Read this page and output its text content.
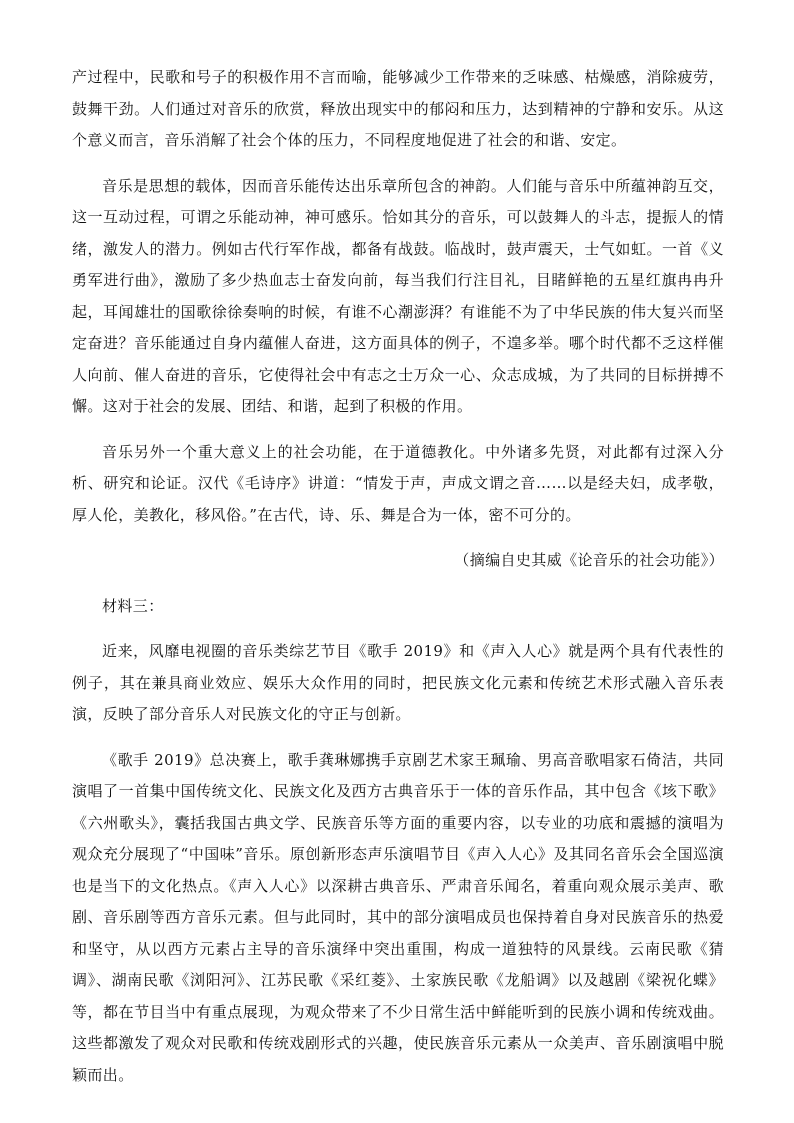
产过程中，民歌和号子的积极作用不言而喻，能够减少工作带来的乏味感、枯燥感，消除疲劳，鼓舞干劲。人们通过对音乐的欣赏，释放出现实中的郁闷和压力，达到精神的宁静和安乐。从这个意义而言，音乐消解了社会个体的压力，不同程度地促进了社会的和谐、安定。

音乐是思想的载体，因而音乐能传达出乐章所包含的神韵。人们能与音乐中所蕴神韵互交，这一互动过程，可谓之乐能动神，神可感乐。恰如其分的音乐，可以鼓舞人的斗志，提振人的情绪，激发人的潜力。例如古代行军作战，都备有战鼓。临战时，鼓声震天，士气如虹。一首《义勇军进行曲》，激励了多少热血志士奋发向前，每当我们行注目礼，目睹鲜艳的五星红旗冉冉升起，耳闻雄壮的国歌徐徐奏响的时候，有谁不心潮澎湃？有谁能不为了中华民族的伟大复兴而坚定奋进？音乐能通过自身内蕴催人奋进，这方面具体的例子，不遑多举。哪个时代都不乏这样催人向前、催人奋进的音乐，它使得社会中有志之士万众一心、众志成城，为了共同的目标拼搏不懈。这对于社会的发展、团结、和谐，起到了积极的作用。

音乐另外一个重大意义上的社会功能，在于道德教化。中外诸多先贤，对此都有过深入分析、研究和论证。汉代《毛诗序》讲道：“情发于声，声成文谓之音……以是经夫妇，成孝敬，厚人伦，美教化，移风俗。”在古代，诗、乐、舞是合为一体，密不可分的。

（摘编自史其威《论音乐的社会功能》）
材料三：

近来，风靡电视圈的音乐类综艺节目《歌手 2019》和《声入人心》就是两个具有代表性的例子，其在兼具商业效应、娱乐大众作用的同时，把民族文化元素和传统艺术形式融入音乐表演，反映了部分音乐人对民族文化的守正与创新。

《歌手 2019》总决赛上，歌手龚琳娜携手京剧艺术家王珮瑜、男高音歌唱家石倚洁，共同演唱了一首集中国传统文化、民族文化及西方古典音乐于一体的音乐作品，其中包含《垓下歌》《六州歌头》，囊括我国古典文学、民族音乐等方面的重要内容，以专业的功底和震撼的演唱为观众充分展现了“中国味”音乐。原创新形态声乐演唱节目《声入人心》及其同名音乐会全国巡演也是当下的文化热点。《声入人心》以深耕古典音乐、严肃音乐闻名，着重向观众展示美声、歌剧、音乐剧等西方音乐元素。但与此同时，其中的部分演唱成员也保持着自身对民族音乐的热爱和坚守，从以西方元素占主导的音乐演绎中突出重围，构成一道独特的风景线。云南民歌《猜调》、湖南民歌《浏阳河》、江苏民歌《采红菱》、土家族民歌《龙船调》以及越剧《梁祝化蝶》等，都在节目当中有重点展现，为观众带来了不少日常生活中鲜能听到的民族小调和传统戏曲。这些都激发了观众对民歌和传统戏剧形式的兴趣，使民族音乐元素从一众美声、音乐剧演唱中脱颖而出。
